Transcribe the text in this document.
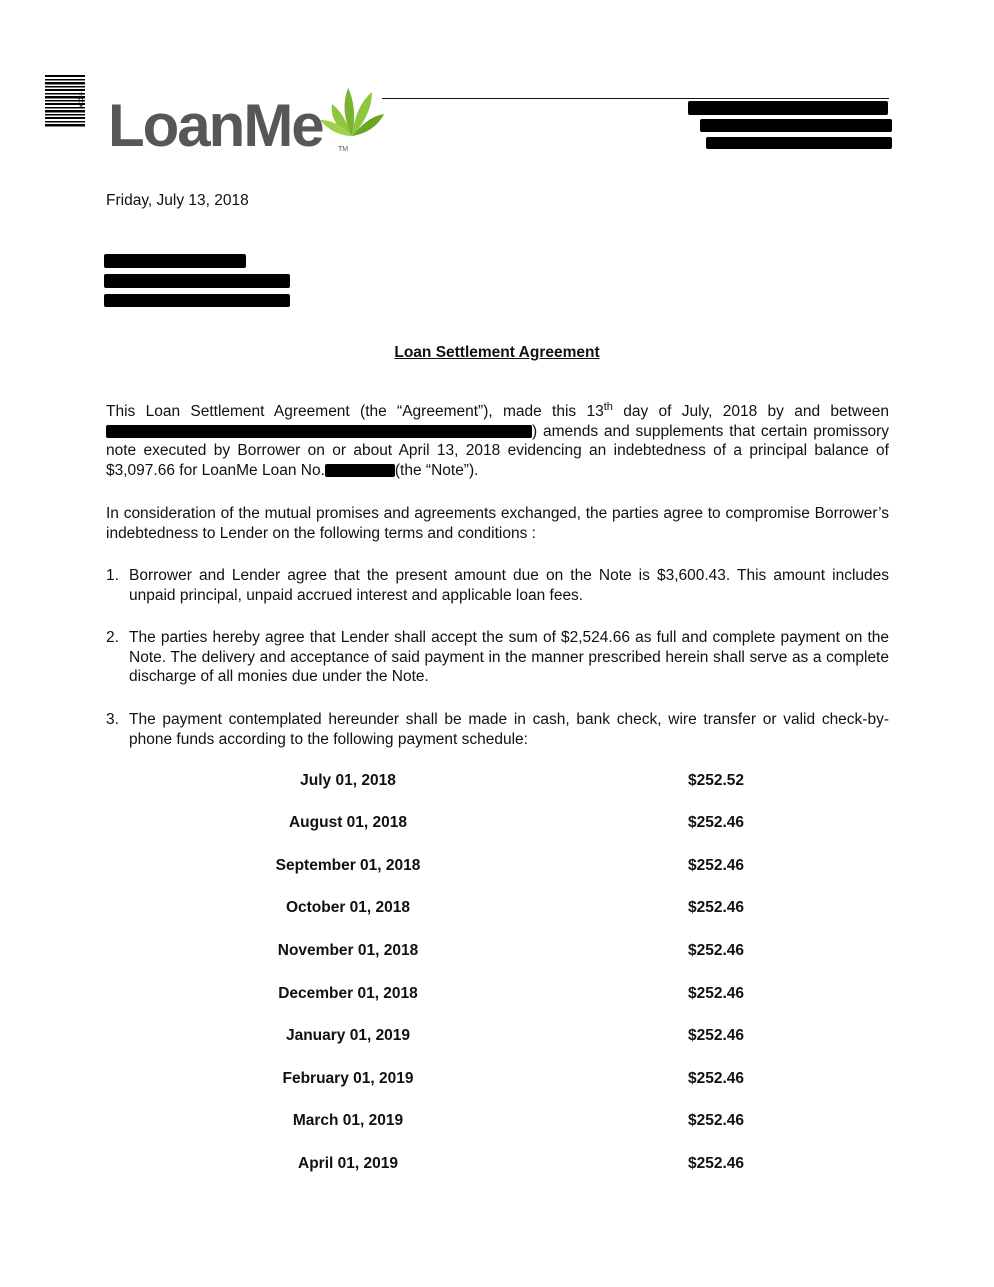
*F* LoanMe TM
Friday, July 13, 2018
Loan Settlement Agreement
This Loan Settlement Agreement (the “Agreement”), made this 13th day of July, 2018 by and between ) amends and supplements that certain promissory note executed by Borrower on or about April 13, 2018 evidencing an indebtedness of a principal balance of $3,097.66 for LoanMe Loan No.	(the “Note”).
In consideration of the mutual promises and agreements exchanged, the parties agree to compromise Borrower’s indebtedness to Lender on the following terms and conditions :
1. Borrower and Lender agree that the present amount due on the Note is $3,600.43. This amount includes unpaid principal, unpaid accrued interest and applicable loan fees.
2. The parties hereby agree that Lender shall accept the sum of $2,524.66 as full and complete payment on the Note. The delivery and acceptance of said payment in the manner prescribed herein shall serve as a complete discharge of all monies due under the Note.
3. The payment contemplated hereunder shall be made in cash, bank check, wire transfer or valid check-by-phone funds according to the following payment schedule:
July 01, 2018	$252.52
August 01, 2018	$252.46
September 01, 2018	$252.46
October 01, 2018	$252.46
November 01, 2018	$252.46
December 01, 2018	$252.46
January 01, 2019	$252.46
February 01, 2019	$252.46
March 01, 2019	$252.46
April 01, 2019	$252.46
